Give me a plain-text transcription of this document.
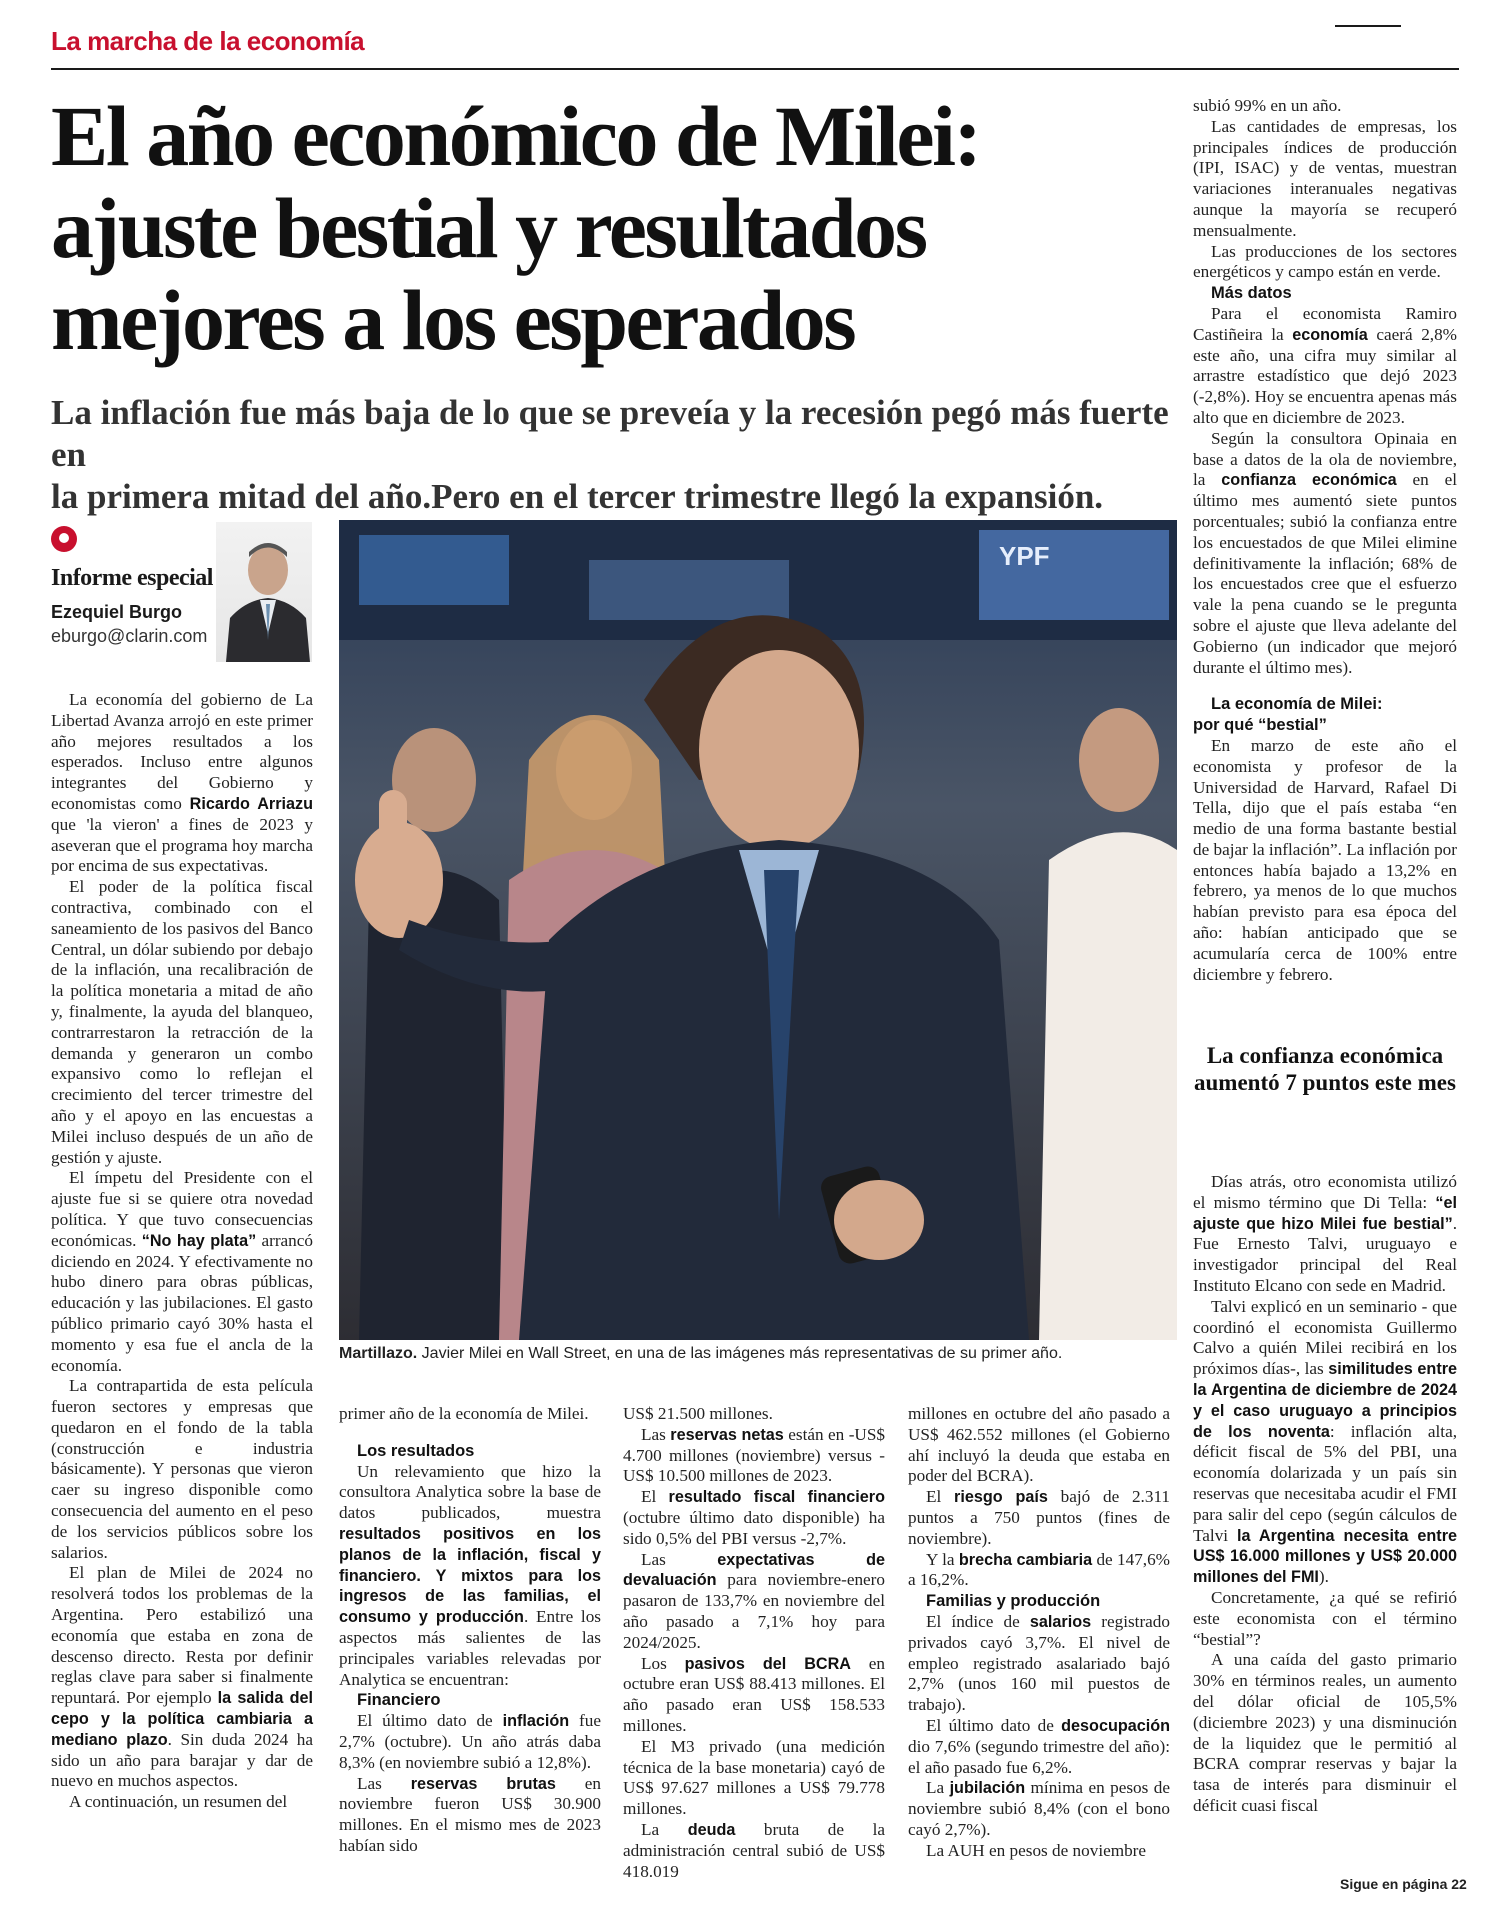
La marcha de la economía
El año económico de Milei:
ajuste bestial y resultados
mejores a los esperados
La inflación fue más baja de lo que se preveía y la recesión pegó más fuerte en
la primera mitad del año.Pero en el tercer trimestre llegó la expansión.
Informe especial
Ezequiel Burgo
eburgo@clarin.com
YPF
Martillazo. Javier Milei en Wall Street, en una de las imágenes más representativas de su primer año.

La economía del gobierno de La Libertad Avanza arrojó en este primer año mejores resultados a los esperados. Incluso entre algunos integrantes del Gobierno y economistas como Ricardo Arriazu que 'la vieron' a fines de 2023 y aseveran que el programa hoy marcha por encima de sus expectativas.

El poder de la política fiscal contractiva, combinado con el saneamiento de los pasivos del Banco Central, un dólar subiendo por debajo de la inflación, una recalibración de la política monetaria a mitad de año y, finalmente, la ayuda del blanqueo, contrarrestaron la retracción de la demanda y generaron un combo expansivo como lo reflejan el crecimiento del tercer trimestre del año y el apoyo en las encuestas a Milei incluso después de un año de gestión y ajuste.

El ímpetu del Presidente con el ajuste fue si se quiere otra novedad política. Y que tuvo consecuencias económicas. “No hay plata” arrancó diciendo en 2024. Y efectivamente no hubo dinero para obras públicas, educación y las jubilaciones. El gasto público primario cayó 30% hasta el momento y esa fue el ancla de la economía.

La contrapartida de esta película fueron sectores y empresas que quedaron en el fondo de la tabla (construcción e industria básicamente). Y personas que vieron caer su ingreso disponible como consecuencia del aumento en el peso de los servicios públicos sobre los salarios.

El plan de Milei de 2024 no resolverá todos los problemas de la Argentina. Pero estabilizó una economía que estaba en zona de descenso directo. Resta por definir reglas clave para saber si finalmente repuntará. Por ejemplo la salida del cepo y la política cambiaria a mediano plazo. Sin duda 2024 ha sido un año para barajar y dar de nuevo en muchos aspectos.

A continuación, un resumen del

primer año de la economía de Milei.

Los resultados

Un relevamiento que hizo la consultora Analytica sobre la base de datos publicados, muestra resultados positivos en los planos de la inflación, fiscal y financiero. Y mixtos para los ingresos de las familias, el consumo y producción. Entre los aspectos más salientes de las principales variables relevadas por Analytica se encuentran:

Financiero

El último dato de inflación fue 2,7% (octubre). Un año atrás daba 8,3% (en noviembre subió a 12,8%).

Las reservas brutas en noviembre fueron US$ 30.900 millones. En el mismo mes de 2023 habían sido

US$ 21.500 millones.

Las reservas netas están en -US$ 4.700 millones (noviembre) versus -US$ 10.500 millones de 2023.

El resultado fiscal financiero (octubre último dato disponible) ha sido 0,5% del PBI versus -2,7%.

Las expectativas de devaluación para noviembre-enero pasaron de 133,7% en noviembre del año pasado a 7,1% hoy para 2024/2025.

Los pasivos del BCRA en octubre eran US$ 88.413 millones. El año pasado eran US$ 158.533 millones.

El M3 privado (una medición técnica de la base monetaria) cayó de US$ 97.627 millones a US$ 79.778 millones.

La deuda bruta de la administración central subió de US$ 418.019

millones en octubre del año pasado a US$ 462.552 millones (el Gobierno ahí incluyó la deuda que estaba en poder del BCRA).

El riesgo país bajó de 2.311 puntos a 750 puntos (fines de noviembre).

Y la brecha cambiaria de 147,6% a 16,2%.

Familias y producción

El índice de salarios registrado privados cayó 3,7%. El nivel de empleo registrado asalariado bajó 2,7% (unos 160 mil puestos de trabajo).

El último dato de desocupación dio 7,6% (segundo trimestre del año): el año pasado fue 6,2%.

La jubilación mínima en pesos de noviembre subió 8,4% (con el bono cayó 2,7%).

La AUH en pesos de noviembre

subió 99% en un año.

Las cantidades de empresas, los principales índices de producción (IPI, ISAC) y de ventas, muestran variaciones interanuales negativas aunque la mayoría se recuperó mensualmente.

Las producciones de los sectores energéticos y campo están en verde.

Más datos

Para el economista Ramiro Castiñeira la economía caerá 2,8% este año, una cifra muy similar al arrastre estadístico que dejó 2023 (-2,8%). Hoy se encuentra apenas más alto que en diciembre de 2023.

Según la consultora Opinaia en base a datos de la ola de noviembre, la confianza económica en el último mes aumentó siete puntos porcentuales; subió la confianza entre los encuestados de que Milei elimine definitivamente la inflación; 68% de los encuestados cree que el esfuerzo vale la pena cuando se le pregunta sobre el ajuste que lleva adelante del Gobierno (un indicador que mejoró durante el último mes).

La economía de Milei:
por qué “bestial”

En marzo de este año el economista y profesor de la Universidad de Harvard, Rafael Di Tella, dijo que el país estaba “en medio de una forma bastante bestial de bajar la inflación”. La inflación por entonces había bajado a 13,2% en febrero, ya menos de lo que muchos habían previsto para esa época del año: habían anticipado que se acumularía cerca de 100% entre diciembre y febrero.

La confianza económica aumentó 7 puntos este mes

Días atrás, otro economista utilizó el mismo término que Di Tella: “el ajuste que hizo Milei fue bestial”. Fue Ernesto Talvi, uruguayo e investigador principal del Real Instituto Elcano con sede en Madrid.

Talvi explicó en un seminario - que coordinó el economista Guillermo Calvo a quién Milei recibirá en los próximos días-, las similitudes entre la Argentina de diciembre de 2024 y el caso uruguayo a principios de los noventa: inflación alta, déficit fiscal de 5% del PBI, una economía dolarizada y un país sin reservas que necesitaba acudir el FMI para salir del cepo (según cálculos de Talvi la Argentina necesita entre US$ 16.000 millones y US$ 20.000 millones del FMI).

Concretamente, ¿a qué se refirió este economista con el término “bestial”?

A una caída del gasto primario 30% en términos reales, un aumento del dólar oficial de 105,5% (diciembre 2023) y una disminución de la liquidez que le permitió al BCRA comprar reservas y bajar la tasa de interés para disminuir el déficit cuasi fiscal

Sigue en página 22
